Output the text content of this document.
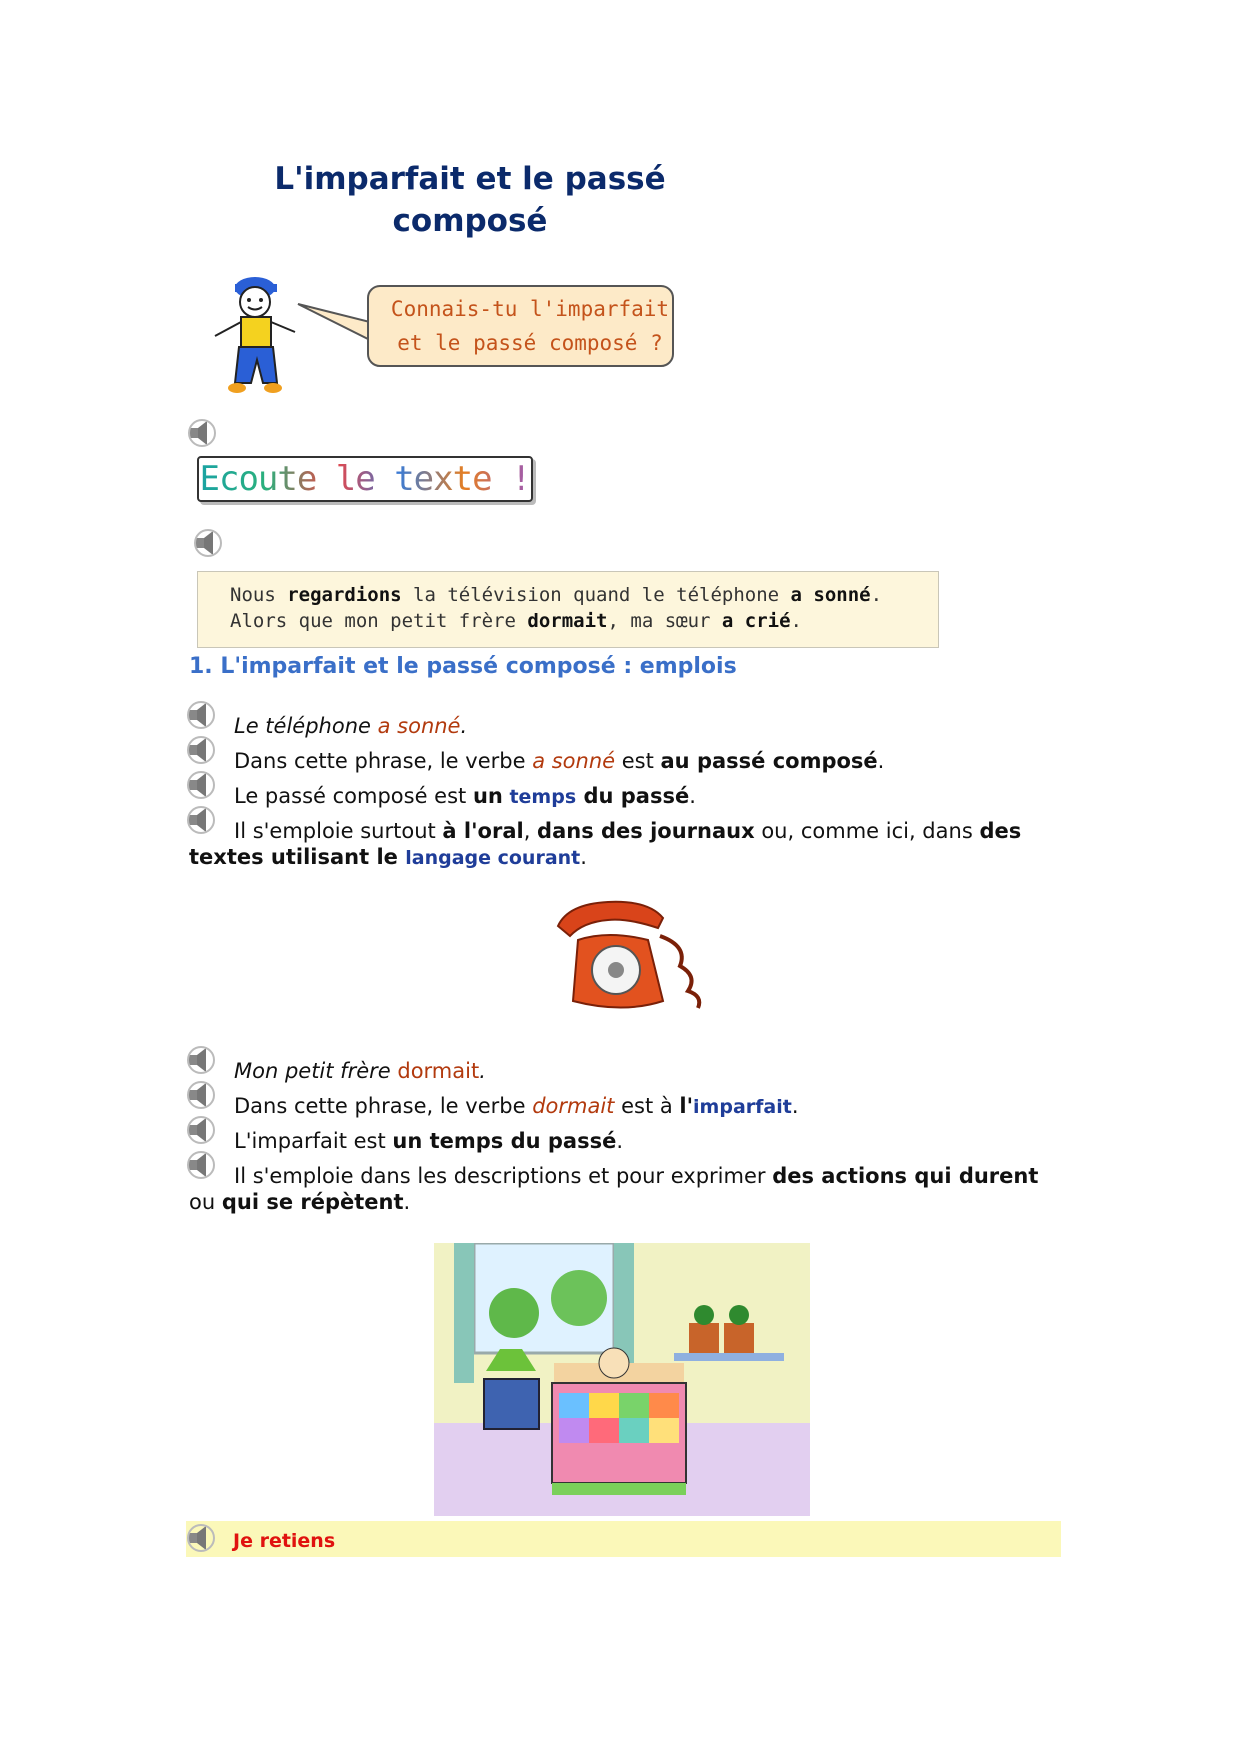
L'imparfait et le passé
composé
Connais-tu l'imparfait
et le passé composé ?
Ecoute le texte !
Nous regardions la télévision quand le téléphone a sonné.
Alors que mon petit frère dormait, ma sœur a crié.
1. L'imparfait et le passé composé : emplois
Le téléphone a sonné.
Dans cette phrase, le verbe a sonné est au passé composé.
Le passé composé est un temps du passé.
Il s'emploie surtout à l'oral, dans des journaux ou, comme ici, dans des
textes utilisant le langage courant.
Mon petit frère dormait.
Dans cette phrase, le verbe dormait est à l'imparfait.
L'imparfait est un temps du passé.
Il s'emploie dans les descriptions et pour exprimer des actions qui durent
ou qui se répètent.
Je retiens
